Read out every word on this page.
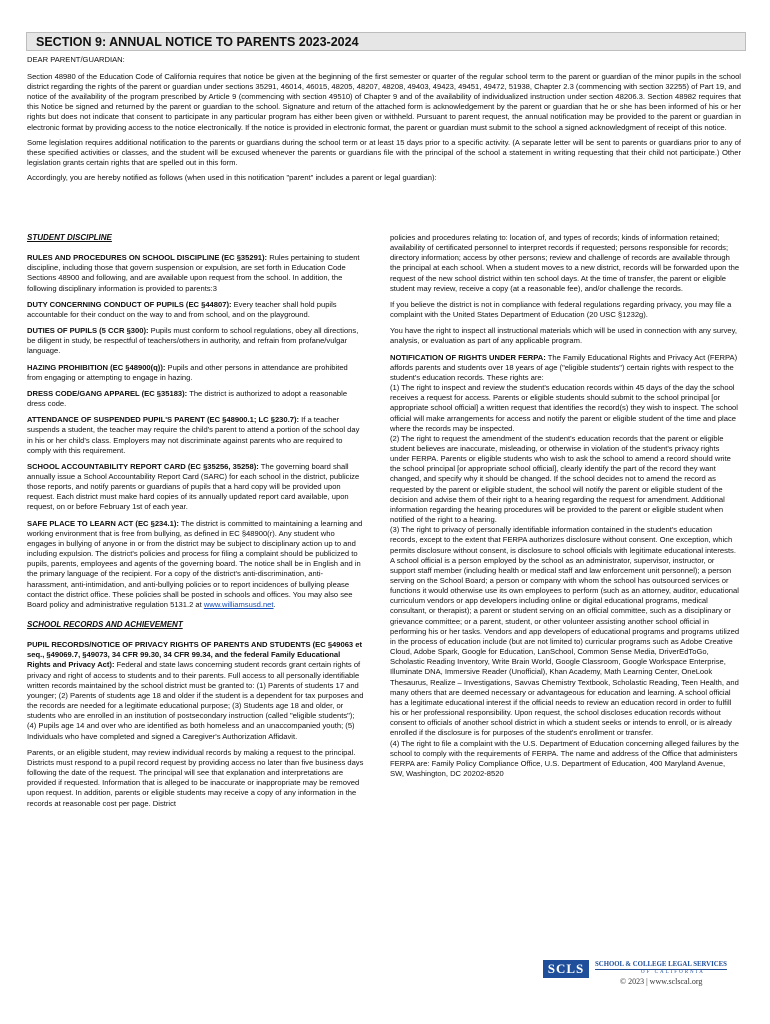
SECTION 9: ANNUAL NOTICE TO PARENTS 2023-2024

DEAR PARENT/GUARDIAN:

Section 48980 of the Education Code of California requires that notice be given at the beginning of the first semester or quarter of the regular school term to the parent or guardian of the minor pupils in the school district regarding the rights of the parent or guardian under sections 35291, 46014, 46015, 48205, 48207, 48208, 49403, 49423, 49451, 49472, 51938, Chapter 2.3 (commencing with section 32255) of Part 19, and notice of the availability of the program prescribed by Article 9 (commencing with section 49510) of Chapter 9 and of the availability of individualized instruction under section 48206.3. Section 48982 requires that this Notice be signed and returned by the parent or guardian to the school. Signature and return of the attached form is acknowledgement by the parent or guardian that he or she has been informed of his or her rights but does not indicate that consent to participate in any particular program has either been given or withheld. Pursuant to parent request, the annual notification may be provided to the parent or guardian in electronic format by providing access to the notice electronically. If the notice is provided in electronic format, the parent or guardian must submit to the school a signed acknowledgment of receipt of this notice.

Some legislation requires additional notification to the parents or guardians during the school term or at least 15 days prior to a specific activity. (A separate letter will be sent to parents or guardians prior to any of these specified activities or classes, and the student will be excused whenever the parents or guardians file with the principal of the school a statement in writing requesting that their child not participate.) Other legislation grants certain rights that are spelled out in this form.

Accordingly, you are hereby notified as follows (when used in this notification "parent" includes a parent or legal guardian):

STUDENT DISCIPLINE

RULES AND PROCEDURES ON SCHOOL DISCIPLINE (EC §35291): Rules pertaining to student discipline, including those that govern suspension or expulsion, are set forth in Education Code Sections 48900 and following, and are available upon request from the school. In addition, the following disciplinary information is provided to parents:3

DUTY CONCERNING CONDUCT OF PUPILS (EC §44807): Every teacher shall hold pupils accountable for their conduct on the way to and from school, and on the playground.

DUTIES OF PUPILS (5 CCR §300): Pupils must conform to school regulations, obey all directions, be diligent in study, be respectful of teachers/others in authority, and refrain from profane/vulgar language.

HAZING PROHIBITION (EC §48900(q)): Pupils and other persons in attendance are prohibited from engaging or attempting to engage in hazing.

DRESS CODE/GANG APPAREL (EC §35183): The district is authorized to adopt a reasonable dress code.

ATTENDANCE OF SUSPENDED PUPIL'S PARENT (EC §48900.1; LC §230.7): If a teacher suspends a student, the teacher may require the child's parent to attend a portion of the school day in his or her child's class. Employers may not discriminate against parents who are required to comply with this requirement.

SCHOOL ACCOUNTABILITY REPORT CARD (EC §35256, 35258): The governing board shall annually issue a School Accountability Report Card (SARC) for each school in the district, publicize those reports, and notify parents or guardians of pupils that a hard copy will be provided upon request. Each district must make hard copies of its annually updated report card available, upon request, on or before February 1st of each year.

SAFE PLACE TO LEARN ACT (EC §234.1): The district is committed to maintaining a learning and working environment that is free from bullying, as defined in EC §48900(r). Any student who engages in bullying of anyone in or from the district may be subject to disciplinary action up to and including expulsion. The district's policies and process for filing a complaint should be publicized to pupils, parents, employees and agents of the governing board. The notice shall be in English and in the primary language of the recipient. For a copy of the district's anti-discrimination, anti-harassment, anti-intimidation, and anti-bullying policies or to report incidences of bullying please contact the district office. These policies shall be posted in schools and offices. You may also see Board policy and administrative regulation 5131.2 at www.williamsusd.net.

SCHOOL RECORDS AND ACHIEVEMENT

PUPIL RECORDS/NOTICE OF PRIVACY RIGHTS OF PARENTS AND STUDENTS (EC §49063 et seq., §49069.7, §49073, 34 CFR 99.30, 34 CFR 99.34, and the federal Family Educational Rights and Privacy Act): Federal and state laws concerning student records grant certain rights of privacy and right of access to students and to their parents. Full access to all personally identifiable written records maintained by the school district must be granted to: (1) Parents of students 17 and younger; (2) Parents of students age 18 and older if the student is a dependent for tax purposes and the records are needed for a legitimate educational purpose; (3) Students age 18 and older, or students who are enrolled in an institution of postsecondary instruction (called "eligible students"); (4) Pupils age 14 and over who are identified as both homeless and an unaccompanied youth; (5) Individuals who have completed and signed a Caregiver's Authorization Affidavit.

Parents, or an eligible student, may review individual records by making a request to the principal. Districts must respond to a pupil record request by providing access no later than five business days following the date of the request. The principal will see that explanation and interpretations are provided if requested. Information that is alleged to be inaccurate or inappropriate may be removed upon request. In addition, parents or eligible students may receive a copy of any information in the records at reasonable cost per page. District

policies and procedures relating to: location of, and types of records; kinds of information retained; availability of certificated personnel to interpret records if requested; persons responsible for records; directory information; access by other persons; review and challenge of records are available through the principal at each school. When a student moves to a new district, records will be forwarded upon the request of the new school district within ten school days. At the time of transfer, the parent or eligible student may review, receive a copy (at a reasonable fee), and/or challenge the records.

If you believe the district is not in compliance with federal regulations regarding privacy, you may file a complaint with the United States Department of Education (20 USC §1232g).

You have the right to inspect all instructional materials which will be used in connection with any survey, analysis, or evaluation as part of any applicable program.

NOTIFICATION OF RIGHTS UNDER FERPA: The Family Educational Rights and Privacy Act (FERPA) affords parents and students over 18 years of age ("eligible students") certain rights with respect to the student's education records. These rights are:

(1) The right to inspect and review the student's education records within 45 days of the day the school receives a request for access. Parents or eligible students should submit to the school principal [or appropriate school official] a written request that identifies the record(s) they wish to inspect. The school official will make arrangements for access and notify the parent or eligible student of the time and place where the records may be inspected.

(2) The right to request the amendment of the student's education records that the parent or eligible student believes are inaccurate, misleading, or otherwise in violation of the student's privacy rights under FERPA. Parents or eligible students who wish to ask the school to amend a record should write the school principal [or appropriate school official], clearly identify the part of the record they want changed, and specify why it should be changed. If the school decides not to amend the record as requested by the parent or eligible student, the school will notify the parent or eligible student of the decision and advise them of their right to a hearing regarding the request for amendment. Additional information regarding the hearing procedures will be provided to the parent or eligible student when notified of the right to a hearing.

(3) The right to privacy of personally identifiable information contained in the student's education records, except to the extent that FERPA authorizes disclosure without consent. One exception, which permits disclosure without consent, is disclosure to school officials with legitimate educational interests. A school official is a person employed by the school as an administrator, supervisor, instructor, or support staff member (including health or medical staff and law enforcement unit personnel); a person serving on the School Board; a person or company with whom the school has outsourced services or functions it would otherwise use its own employees to perform (such as an attorney, auditor, educational curriculum vendors or app developers including online or digital educational programs, medical consultant, or therapist); a parent or student serving on an official committee, such as a disciplinary or grievance committee; or a parent, student, or other volunteer assisting another school official in performing his or her tasks. Vendors and app developers of educational programs and programs utilized in the process of education include (but are not limited to) curricular programs such as Adobe Creative Cloud, Adobe Spark, Google for Education, LanSchool, Common Sense Media, DriverEdToGo, Scholastic Reading Inventory, Write Brain World, Google Classroom, Google Workspace Enterprise, Illuminate DNA, Immersive Reader (Unofficial), Khan Academy, Math Learning Center, OneLook Thesaurus, Realize – Investigations, Savvas Chemistry Textbook, Scholastic Reading, Teen Health, and many others that are deemed necessary or advantageous for education and learning. A school official has a legitimate educational interest if the official needs to review an education record in order to fulfill his or her professional responsibility. Upon request, the school discloses education records without consent to officials of another school district in which a student seeks or intends to enroll, or is already enrolled if the disclosure is for purposes of the student's enrollment or transfer.

(4) The right to file a complaint with the U.S. Department of Education concerning alleged failures by the school to comply with the requirements of FERPA. The name and address of the Office that administers FERPA are: Family Policy Compliance Office, U.S. Department of Education, 400 Maryland Avenue, SW, Washington, DC 20202-8520

SCLS	SCHOOL & COLLEGE LEGAL SERVICES
OF CALIFORNIA
© 2023 | www.sclscal.org
